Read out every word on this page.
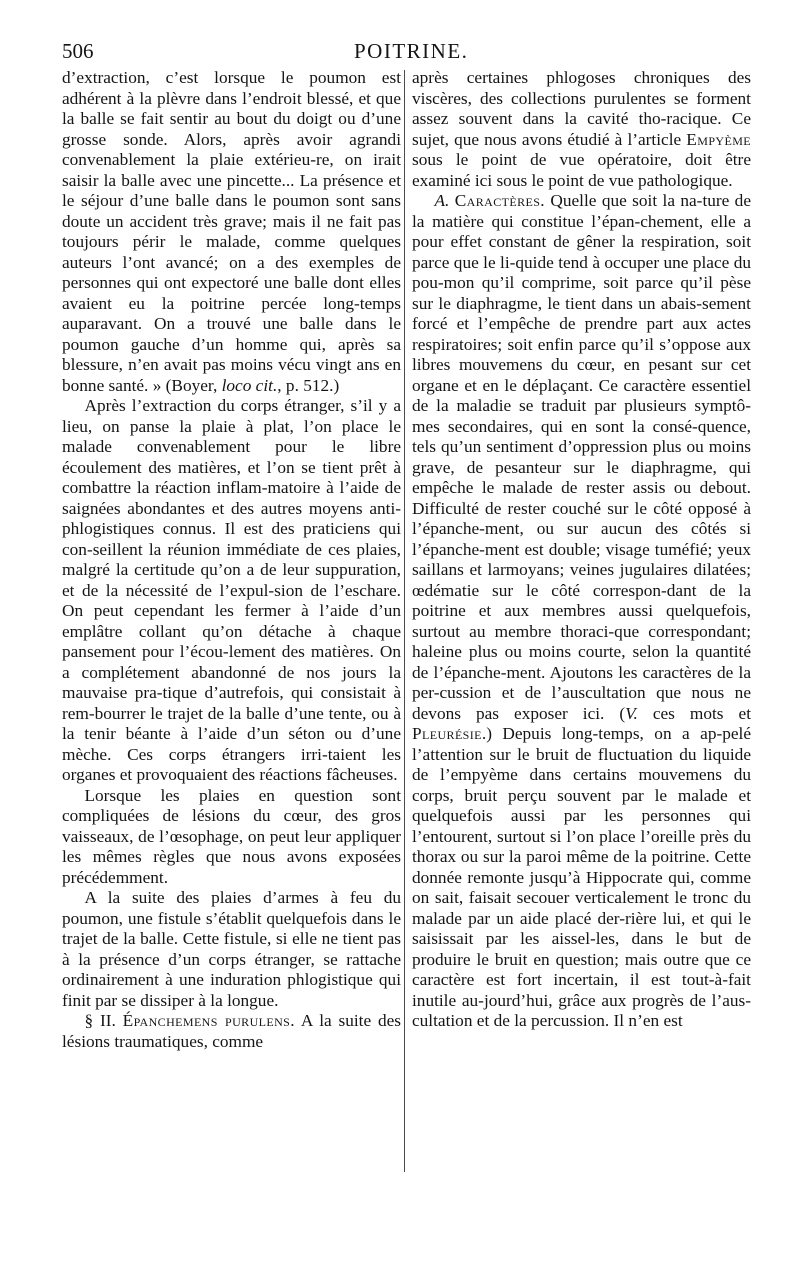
506	POITRINE.

d’extraction, c’est lorsque le poumon est adhérent à la plèvre dans l’endroit blessé, et que la balle se fait sentir au bout du doigt ou d’une grosse sonde. Alors, après avoir agrandi convenablement la plaie extérieu-re, on irait saisir la balle avec une pincette... La présence et le séjour d’une balle dans le poumon sont sans doute un accident très grave; mais il ne fait pas toujours périr le malade, comme quelques auteurs l’ont avancé; on a des exemples de personnes qui ont expectoré une balle dont elles avaient eu la poitrine percée long-temps auparavant. On a trouvé une balle dans le poumon gauche d’un homme qui, après sa blessure, n’en avait pas moins vécu vingt ans en bonne santé. » (Boyer, loco cit., p. 512.)

Après l’extraction du corps étranger, s’il y a lieu, on panse la plaie à plat, l’on place le malade convenablement pour le libre écoulement des matières, et l’on se tient prêt à combattre la réaction inflam-matoire à l’aide de saignées abondantes et des autres moyens anti-phlogistiques connus. Il est des praticiens qui con-seillent la réunion immédiate de ces plaies, malgré la certitude qu’on a de leur suppuration, et de la nécessité de l’expul-sion de l’eschare. On peut cependant les fermer à l’aide d’un emplâtre collant qu’on détache à chaque pansement pour l’écou-lement des matières. On a complétement abandonné de nos jours la mauvaise pra-tique d’autrefois, qui consistait à rem-bourrer le trajet de la balle d’une tente, ou à la tenir béante à l’aide d’un séton ou d’une mèche. Ces corps étrangers irri-taient les organes et provoquaient des réactions fâcheuses.

Lorsque les plaies en question sont compliquées de lésions du cœur, des gros vaisseaux, de l’œsophage, on peut leur appliquer les mêmes règles que nous avons exposées précédemment.

A la suite des plaies d’armes à feu du poumon, une fistule s’établit quelquefois dans le trajet de la balle. Cette fistule, si elle ne tient pas à la présence d’un corps étranger, se rattache ordinairement à une induration phlogistique qui finit par se dissiper à la longue.

§ II. Épanchemens purulens. A la suite des lésions traumatiques, comme

après certaines phlogoses chroniques des viscères, des collections purulentes se forment assez souvent dans la cavité tho-racique. Ce sujet, que nous avons étudié à l’article Empyème sous le point de vue opératoire, doit être examiné ici sous le point de vue pathologique.

A. Caractères. Quelle que soit la na-ture de la matière qui constitue l’épan-chement, elle a pour effet constant de gêner la respiration, soit parce que le li-quide tend à occuper une place du pou-mon qu’il comprime, soit parce qu’il pèse sur le diaphragme, le tient dans un abais-sement forcé et l’empêche de prendre part aux actes respiratoires; soit enfin parce qu’il s’oppose aux libres mouvemens du cœur, en pesant sur cet organe et en le déplaçant. Ce caractère essentiel de la maladie se traduit par plusieurs symptô-mes secondaires, qui en sont la consé-quence, tels qu’un sentiment d’oppression plus ou moins grave, de pesanteur sur le diaphragme, qui empêche le malade de rester assis ou debout. Difficulté de rester couché sur le côté opposé à l’épanche-ment, ou sur aucun des côtés si l’épanche-ment est double; visage tuméfié; yeux saillans et larmoyans; veines jugulaires dilatées; œdématie sur le côté correspon-dant de la poitrine et aux membres aussi quelquefois, surtout au membre thoraci-que correspondant; haleine plus ou moins courte, selon la quantité de l’épanche-ment. Ajoutons les caractères de la per-cussion et de l’auscultation que nous ne devons pas exposer ici. (V. ces mots et Pleurésie.) Depuis long-temps, on a ap-pelé l’attention sur le bruit de fluctuation du liquide de l’empyème dans certains mouvemens du corps, bruit perçu souvent par le malade et quelquefois aussi par les personnes qui l’entourent, surtout si l’on place l’oreille près du thorax ou sur la paroi même de la poitrine. Cette donnée remonte jusqu’à Hippocrate qui, comme on sait, faisait secouer verticalement le tronc du malade par un aide placé der-rière lui, et qui le saisissait par les aissel-les, dans le but de produire le bruit en question; mais outre que ce caractère est fort incertain, il est tout-à-fait inutile au-jourd’hui, grâce aux progrès de l’aus-cultation et de la percussion. Il n’en est
